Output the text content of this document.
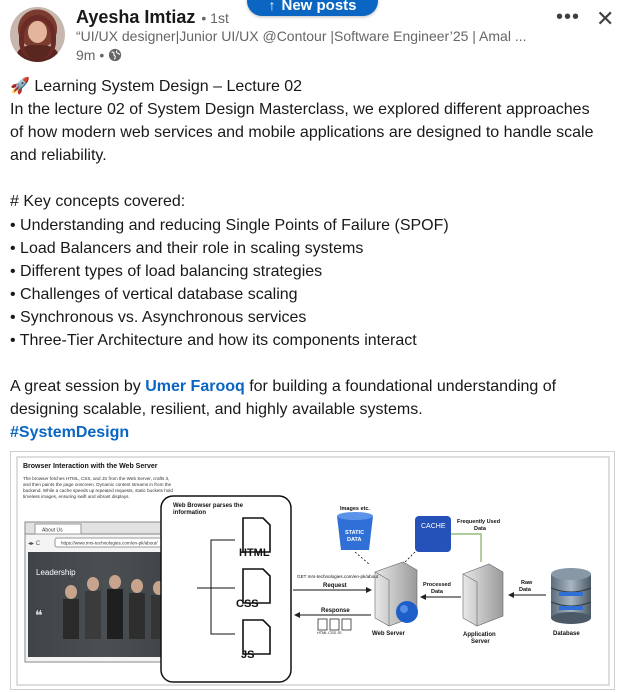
↑ New posts
Ayesha Imtiaz • 1st
“UI/UX designer|Junior UI/UX @Contour |Software Engineer’25 | Amal ...
9m •
••• ✕

🚀 Learning System Design – Lecture 02

In the lecture 02 of System Design Masterclass, we explored different approaches

of how modern web services and mobile applications are designed to handle scale

and reliability.

# Key concepts covered:

• Understanding and reducing Single Points of Failure (SPOF)

• Load Balancers and their role in scaling systems

• Different types of load balancing strategies

• Challenges of vertical database scaling

• Synchronous vs. Asynchronous services

• Three-Tier Architecture and how its components interact

A great session by Umer Farooq for building a foundational understanding of

designing scalable, resilient, and highly available systems.

#SystemDesign

Browser Interaction with the Web Server
The browser fetches HTML, CSS, and JS from the Web Server, crafts it,
and then paints the page onscreen. Dynamic content streams in from the
backend. While a cache speeds up repeated requests, static buckets hold
timeless images, ensuring swift and vibrant displays.
About Us
◂▸ C	https://www.mrs-technologies.com/en-pk/about/
Leadership
❝
Web Browser parses the
information
HTML
CSS
JS
Images etc.
STATIC
DATA
CACHE
Frequently Used
Data
Web Server
GET mrs-technologies.com/en-pk/about
Request
Response
HTML CSS JS
Processed
Data
Application
Server
Raw
Data
Database
